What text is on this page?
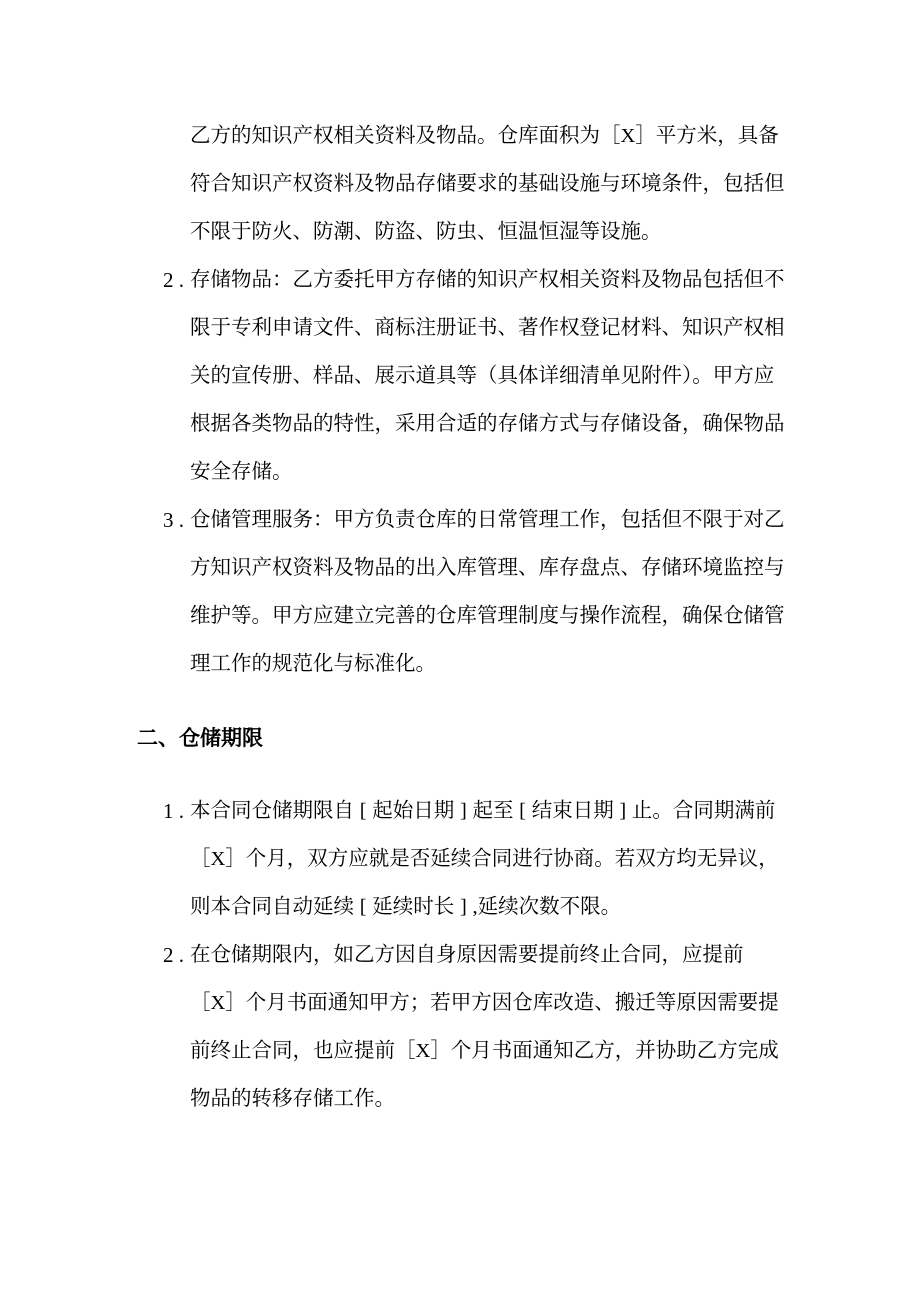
乙方的知识产权相关资料及物品。仓库面积为［X］平方米，具备
符合知识产权资料及物品存储要求的基础设施与环境条件，包括但
不限于防火、防潮、防盗、防虫、恒温恒湿等设施。
2 . 存储物品：乙方委托甲方存储的知识产权相关资料及物品包括但不
限于专利申请文件、商标注册证书、著作权登记材料、知识产权相
关的宣传册、样品、展示道具等（具体详细清单见附件）。甲方应
根据各类物品的特性，采用合适的存储方式与存储设备，确保物品
安全存储。
3 . 仓储管理服务：甲方负责仓库的日常管理工作，包括但不限于对乙
方知识产权资料及物品的出入库管理、库存盘点、存储环境监控与
维护等。甲方应建立完善的仓库管理制度与操作流程，确保仓储管
理工作的规范化与标准化。
二、仓储期限
1 . 本合同仓储期限自 [ 起始日期 ] 起至 [ 结束日期 ] 止。合同期满前
［X］个月，双方应就是否延续合同进行协商。若双方均无异议，
则本合同自动延续 [ 延续时长 ] ,延续次数不限。
2 . 在仓储期限内，如乙方因自身原因需要提前终止合同，应提前
［X］个月书面通知甲方；若甲方因仓库改造、搬迁等原因需要提
前终止合同，也应提前［X］个月书面通知乙方，并协助乙方完成
物品的转移存储工作。
